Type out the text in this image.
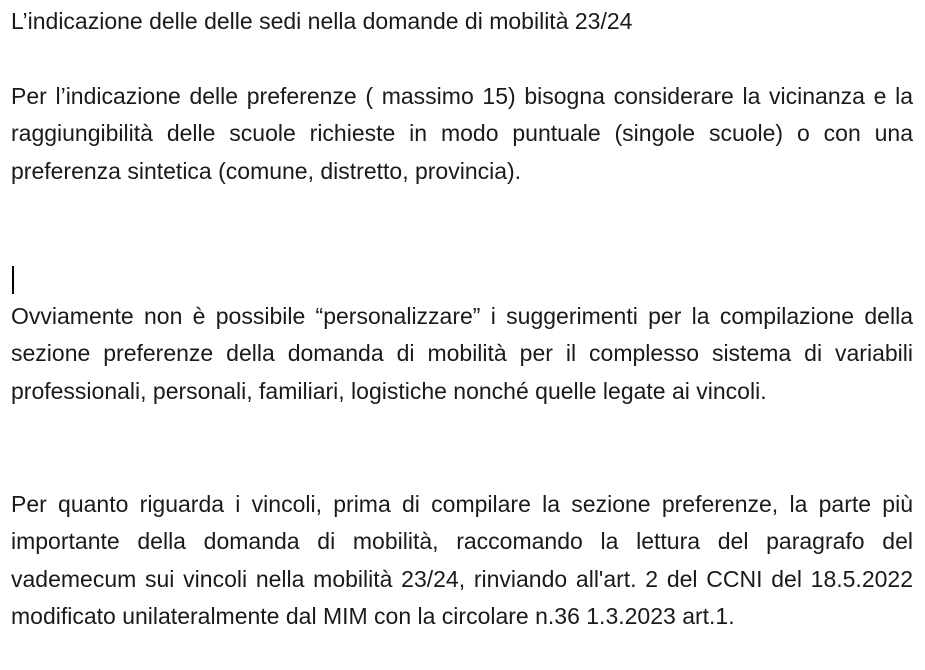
L’indicazione delle delle sedi nella domande di mobilità 23/24

Per l’indicazione delle preferenze ( massimo 15) bisogna considerare la vicinanza e la raggiungibilità delle scuole richieste in modo puntuale (singole scuole) o con una preferenza sintetica (comune, distretto, provincia).

Ovviamente non è possibile “personalizzare” i suggerimenti per la compilazione della sezione preferenze della domanda di mobilità per il complesso sistema di variabili professionali, personali, familiari, logistiche nonché quelle legate ai vincoli.

Per quanto riguarda i vincoli, prima di compilare la sezione preferenze, la parte più importante della domanda di mobilità, raccomando la lettura del paragrafo del vademecum sui vincoli nella mobilità 23/24, rinviando all'art. 2 del CCNI del 18.5.2022 modificato unilateralmente dal MIM con la circolare n.36 1.3.2023 art.1.
